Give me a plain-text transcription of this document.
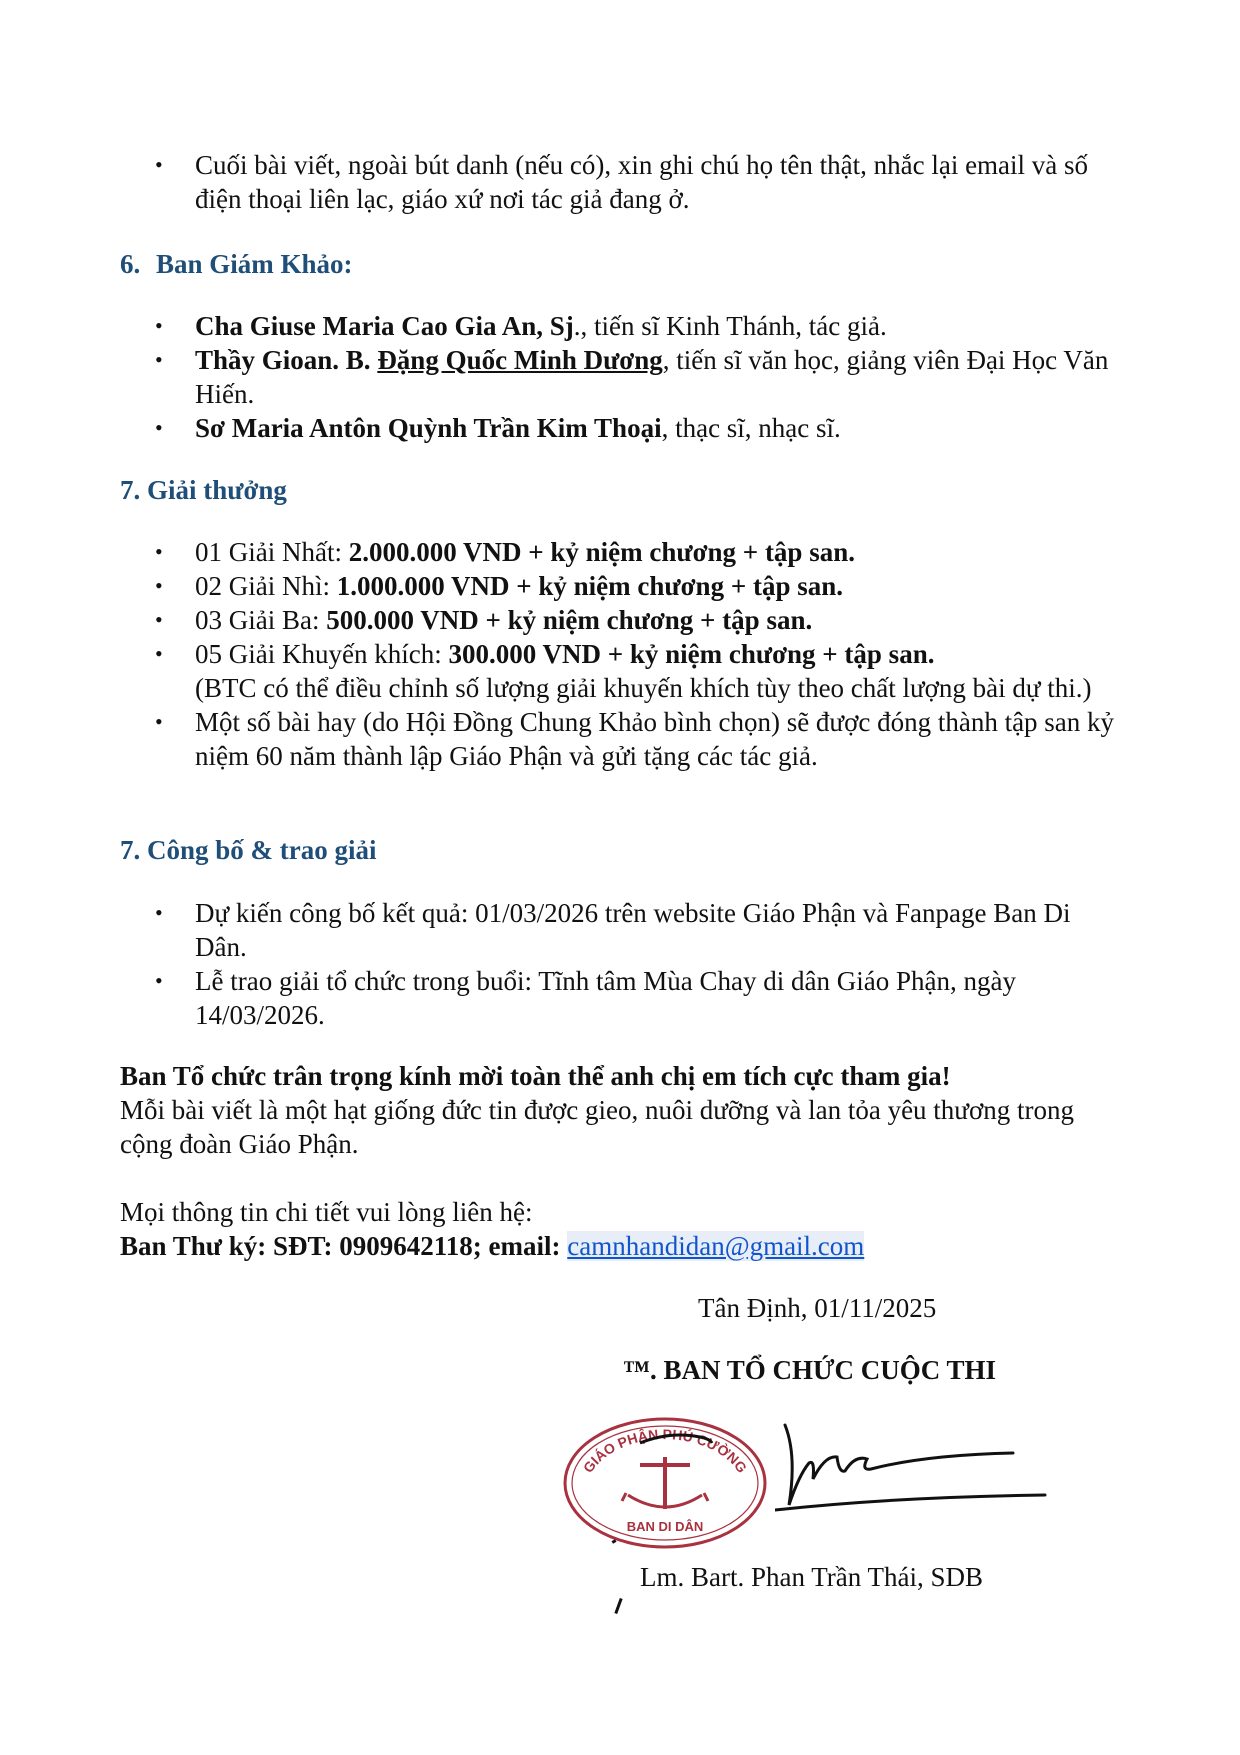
• Cuối bài viết, ngoài bút danh (nếu có), xin ghi chú họ tên thật, nhắc lại email và số điện thoại liên lạc, giáo xứ nơi tác giả đang ở.
6. Ban Giám Khảo:
• Cha Giuse Maria Cao Gia An, Sj., tiến sĩ Kinh Thánh, tác giả.
• Thầy Gioan. B. Đặng Quốc Minh Dương, tiến sĩ văn học, giảng viên Đại Học Văn Hiến.
• Sơ Maria Antôn Quỳnh Trần Kim Thoại, thạc sĩ, nhạc sĩ.
7. Giải thưởng
• 01 Giải Nhất: 2.000.000 VND + kỷ niệm chương + tập san.
• 02 Giải Nhì: 1.000.000 VND + kỷ niệm chương + tập san.
• 03 Giải Ba: 500.000 VND + kỷ niệm chương + tập san.
• 05 Giải Khuyến khích: 300.000 VND + kỷ niệm chương + tập san.
(BTC có thể điều chỉnh số lượng giải khuyến khích tùy theo chất lượng bài dự thi.)
• Một số bài hay (do Hội Đồng Chung Khảo bình chọn) sẽ được đóng thành tập san kỷ niệm 60 năm thành lập Giáo Phận và gửi tặng các tác giả.
7. Công bố & trao giải
• Dự kiến công bố kết quả: 01/03/2026 trên website Giáo Phận và Fanpage Ban Di Dân.
• Lễ trao giải tổ chức trong buổi: Tĩnh tâm Mùa Chay di dân Giáo Phận, ngày 14/03/2026.
Ban Tổ chức trân trọng kính mời toàn thể anh chị em tích cực tham gia!
Mỗi bài viết là một hạt giống đức tin được gieo, nuôi dưỡng và lan tỏa yêu thương trong cộng đoàn Giáo Phận.
Mọi thông tin chi tiết vui lòng liên hệ:
Ban Thư ký: SĐT: 0909642118; email: camnhandidan@gmail.com
Tân Định, 01/11/2025
™. BAN TỔ CHỨC CUỘC THI
GIÁO PHẬN PHÚ CƯỜNG
BAN DI DÂN
Lm. Bart. Phan Trần Thái, SDB
